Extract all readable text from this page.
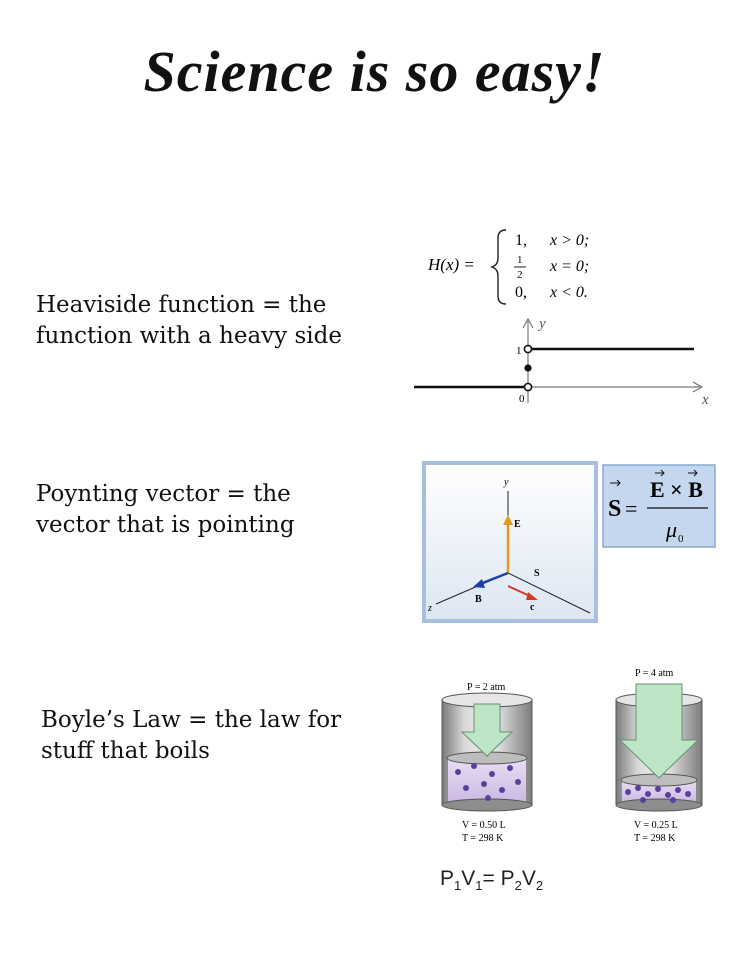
Science is so easy!
Heaviside function = the
function with a heavy side
H(x) =
1, x > 0;
1
2 x = 0;
0, x < 0.
y
x
1
0
Poynting vector = the
vector that is pointing
y
z
E
B
S
c
S =
E × B
μ 0
Boyle’s Law = the law for
stuff that boils
P = 2 atm
V = 0.50 L
T = 298 K
P = 4 atm
V = 0.25 L
T = 298 K
$P_1V_1= P_2V_2$
